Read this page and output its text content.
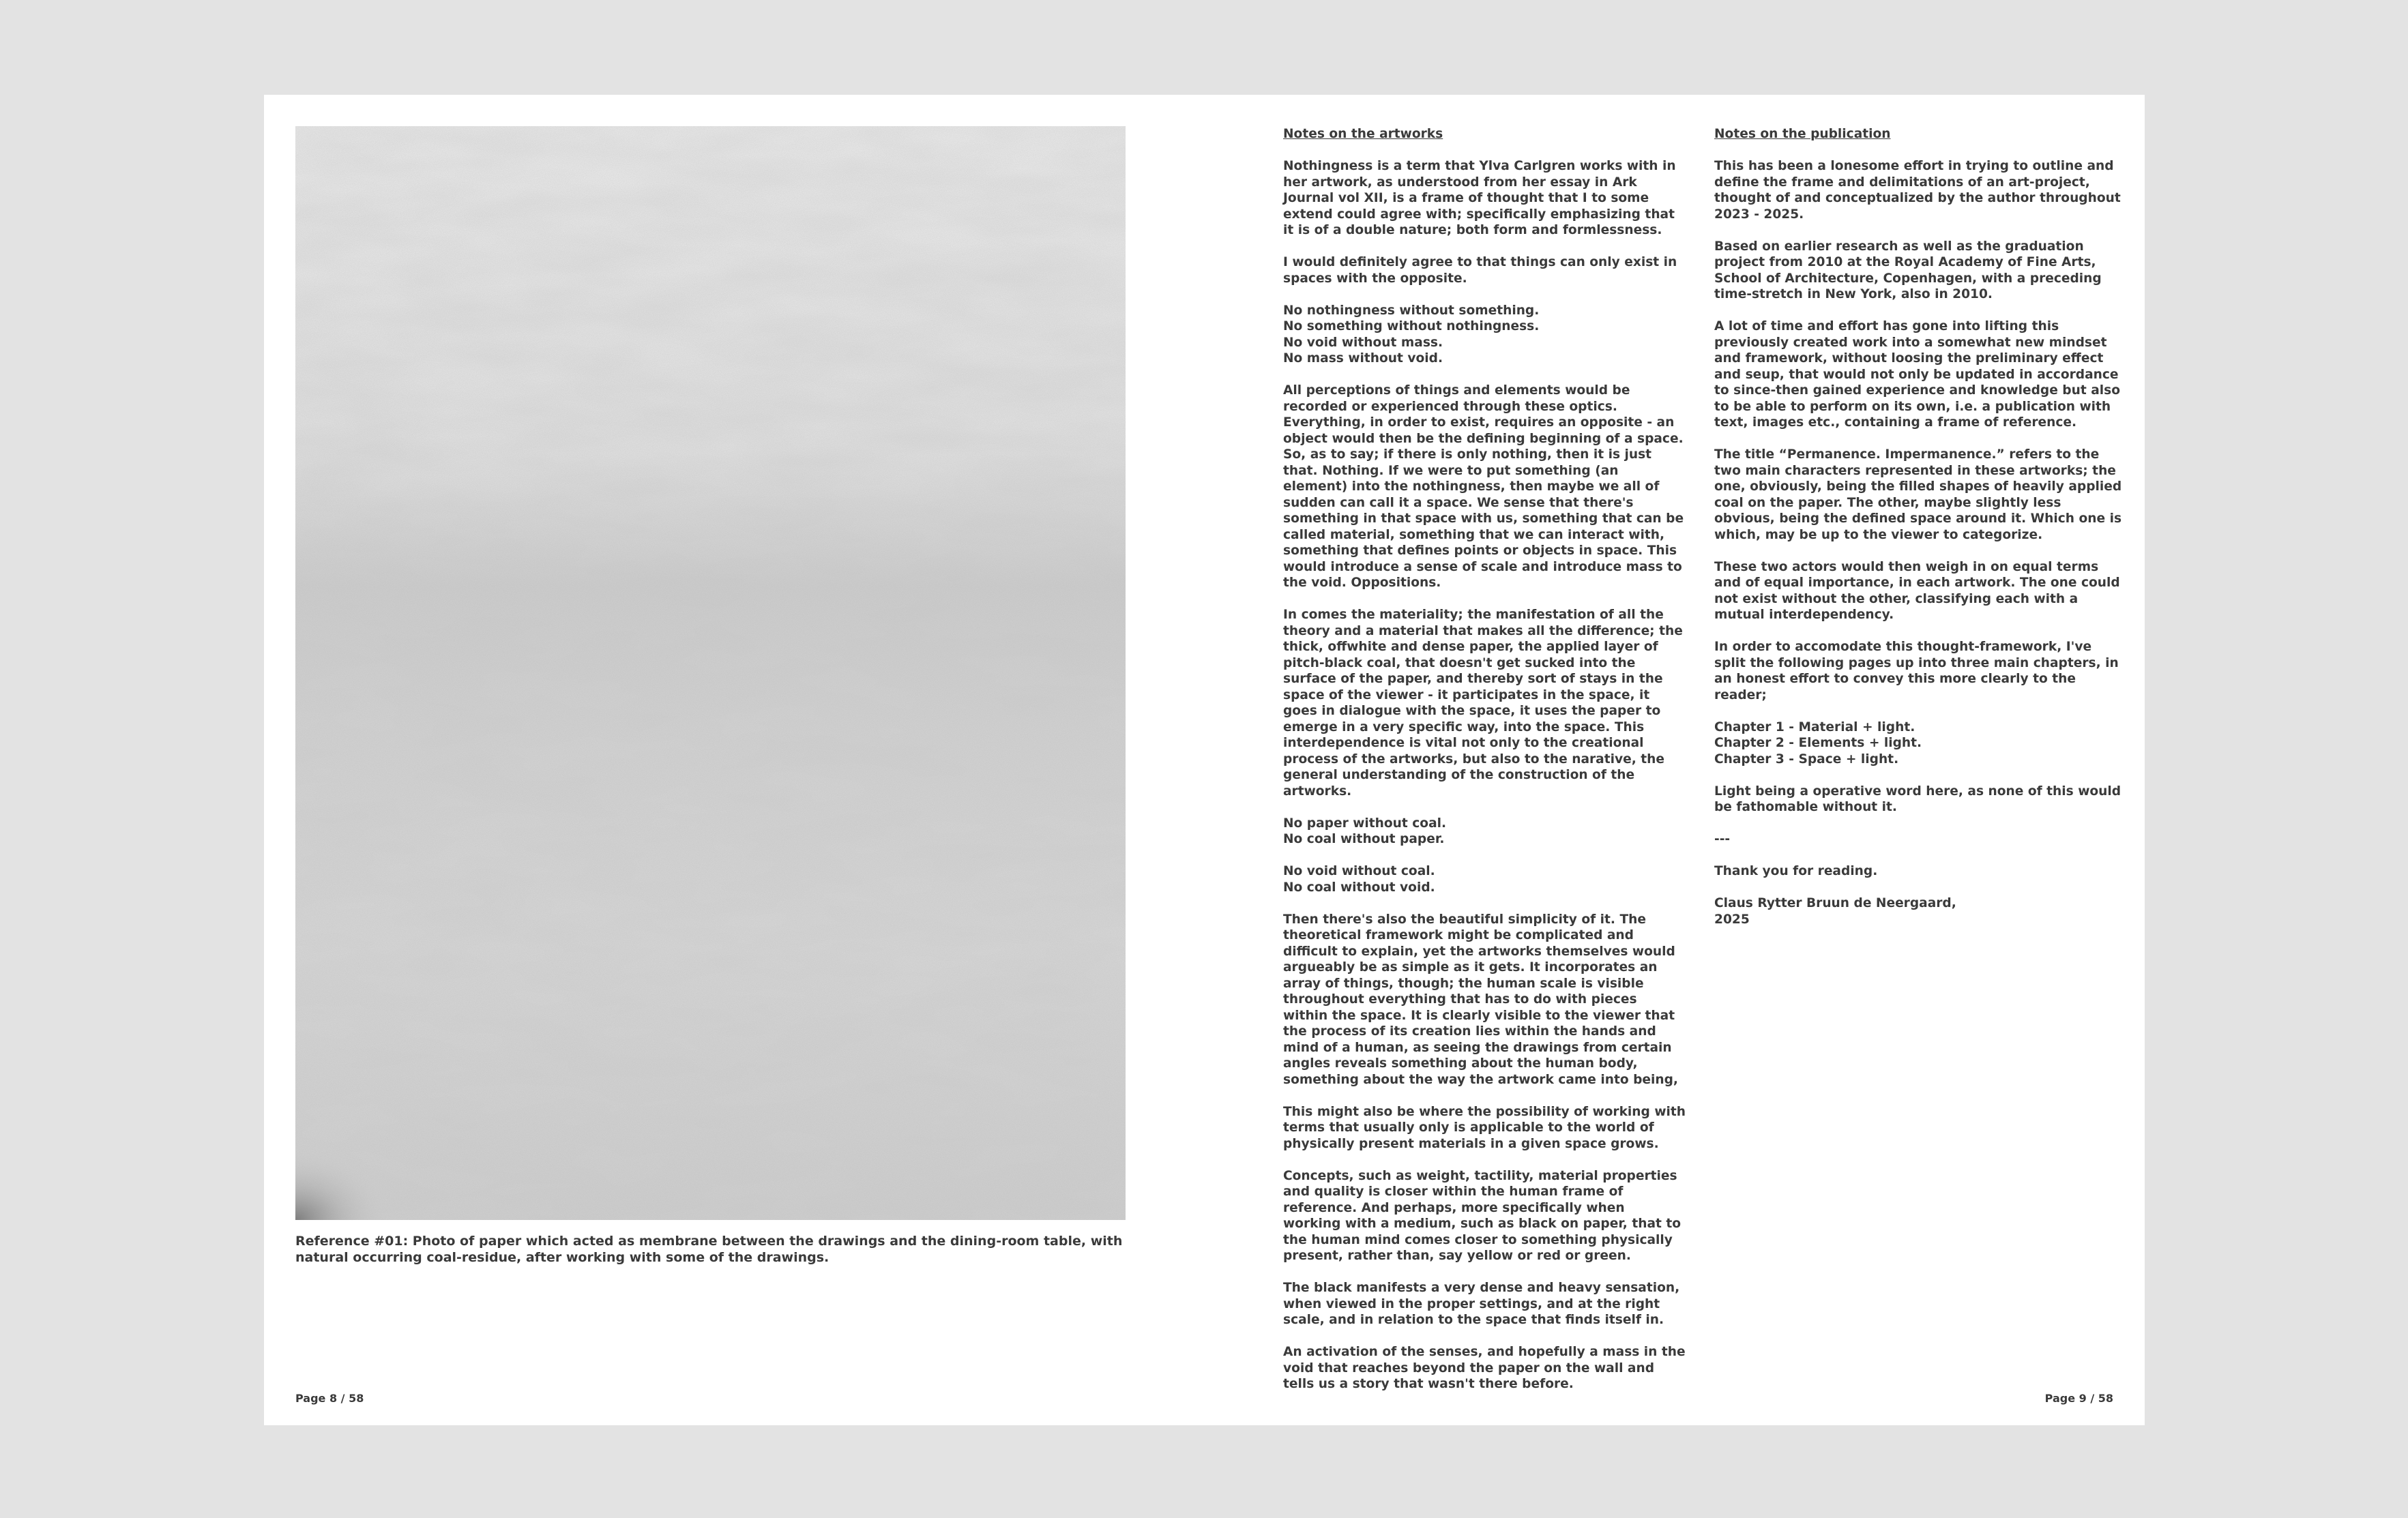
Reference #01: Photo of paper which acted as membrane between the drawings and the dining-room table, with natural occurring coal-residue, after working with some of the drawings.

Notes on the artworks

Nothingness is a term that Ylva Carlgren works with in her artwork, as understood from her essay in Ark Journal vol XII, is a frame of thought that I to some extend could agree with; specifically emphasizing that it is of a double nature; both form and formlessness.

I would definitely agree to that things can only exist in spaces with the opposite.

No nothingness without something.
No something without nothingness.
No void without mass.
No mass without void.

All perceptions of things and elements would be recorded or experienced through these optics. Everything, in order to exist, requires an opposite - an object would then be the defining beginning of a space. So, as to say; if there is only nothing, then it is just that. Nothing. If we were to put something (an element) into the nothingness, then maybe we all of sudden can call it a space. We sense that there's something in that space with us, something that can be called material, something that we can interact with, something that defines points or objects in space. This would introduce a sense of scale and introduce mass to the void. Oppositions.

In comes the materiality; the manifestation of all the theory and a material that makes all the difference; the thick, offwhite and dense paper, the applied layer of pitch-black coal, that doesn't get sucked into the surface of the paper, and thereby sort of stays in the space of the viewer - it participates in the space, it goes in dialogue with the space, it uses the paper to emerge in a very specific way, into the space. This interdependence is vital not only to the creational process of the artworks, but also to the narative, the general understanding of the construction of the artworks.

No paper without coal.
No coal without paper.

No void without coal.
No coal without void.

Then there's also the beautiful simplicity of it. The theoretical framework might be complicated and difficult to explain, yet the artworks themselves would argueably be as simple as it gets. It incorporates an array of things, though; the human scale is visible throughout everything that has to do with pieces within the space. It is clearly visible to the viewer that the process of its creation lies within the hands and mind of a human, as seeing the drawings from certain angles reveals something about the human body, something about the way the artwork came into being,

This might also be where the possibility of working with terms that usually only is applicable to the world of physically present materials in a given space grows.

Concepts, such as weight, tactility, material properties and quality is closer within the human frame of reference. And perhaps, more specifically when working with a medium, such as black on paper, that to the human mind comes closer to something physically present, rather than, say yellow or red or green.

The black manifests a very dense and heavy sensation, when viewed in the proper settings, and at the right scale, and in relation to the space that finds itself in.

An activation of the senses, and hopefully a mass in the void that reaches beyond the paper on the wall and tells us a story that wasn't there before.

Notes on the publication

This has been a lonesome effort in trying to outline and define the frame and delimitations of an art-project, thought of and conceptualized by the author throughout 2023 - 2025.

Based on earlier research as well as the graduation project from 2010 at the Royal Academy of Fine Arts, School of Architecture, Copenhagen, with a preceding time-stretch in New York, also in 2010.

A lot of time and effort has gone into lifting this previously created work into a somewhat new mindset and framework, without loosing the preliminary effect and seup, that would not only be updated in accordance to since-then gained experience and knowledge but also to be able to perform on its own, i.e. a publication with text, images etc., containing a frame of reference.

The title “Permanence. Impermanence.” refers to the two main characters represented in these artworks; the one, obviously, being the filled shapes of heavily applied coal on the paper. The other, maybe slightly less obvious, being the defined space around it. Which one is which, may be up to the viewer to categorize.

These two actors would then weigh in on equal terms and of equal importance, in each artwork. The one could not exist without the other, classifying each with a mutual interdependency.

In order to accomodate this thought-framework, I've split the following pages up into three main chapters, in an honest effort to convey this more clearly to the reader;

Chapter 1 - Material + light.
Chapter 2 - Elements + light.
Chapter 3 - Space + light.

Light being a operative word here, as none of this would be fathomable without it.

---

Thank you for reading.

Claus Rytter Bruun de Neergaard,
2025

Page 8 / 58	Page 9 / 58
